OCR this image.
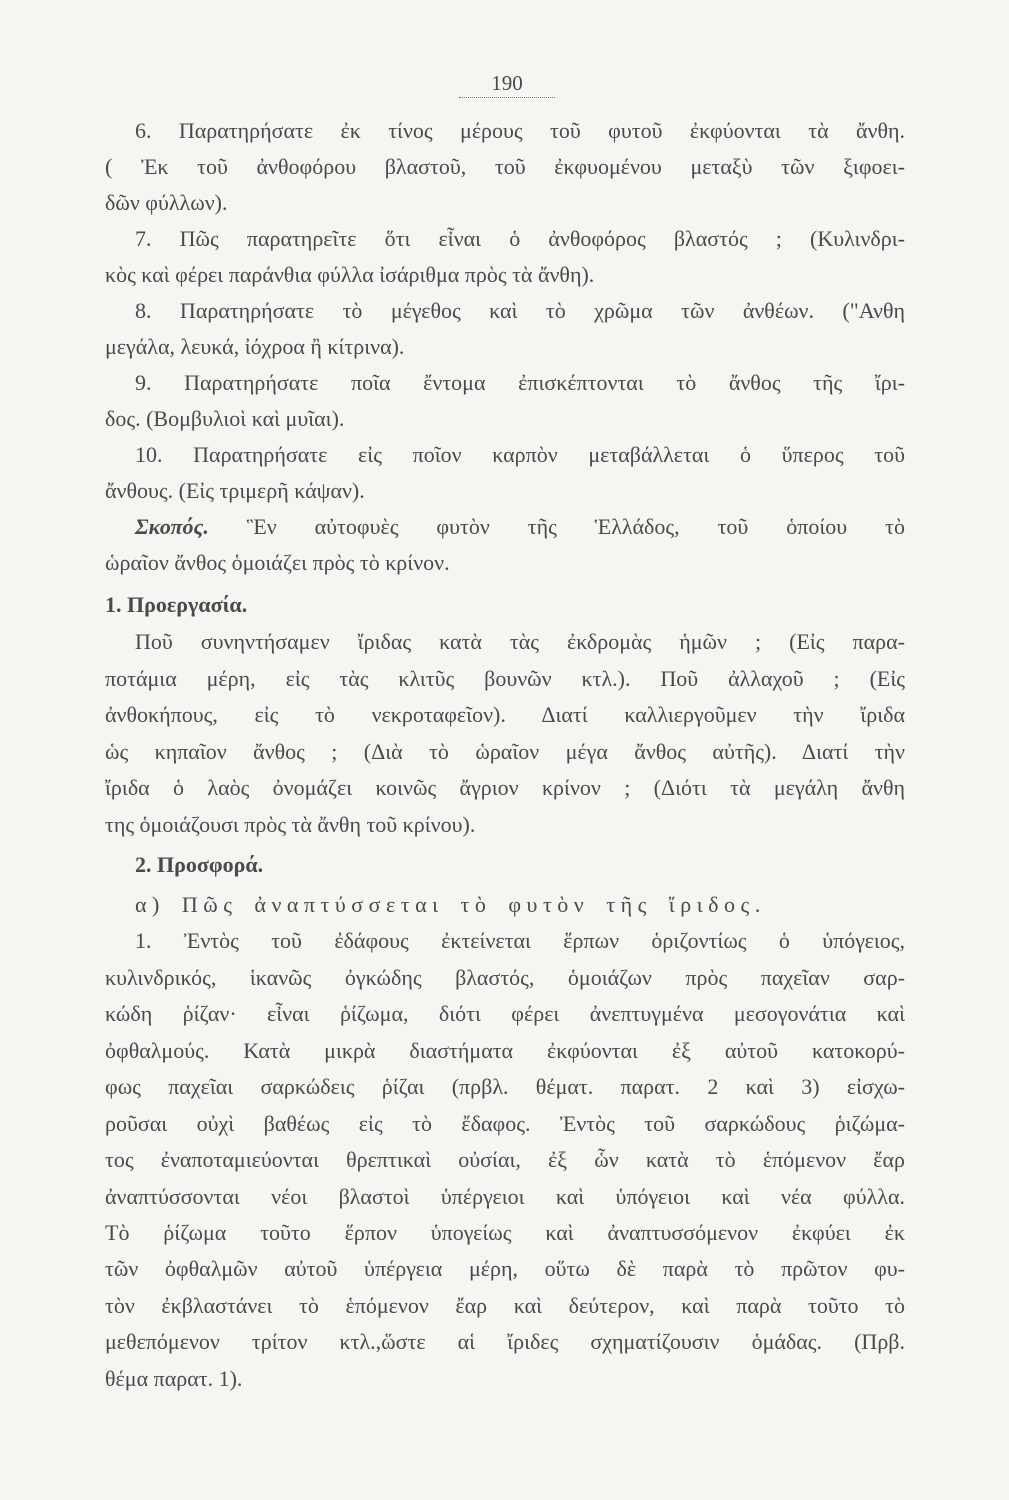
190
6. Παρατηρήσατε ἐκ τίνος μέρους τοῦ φυτοῦ ἐκφύονται τὰ ἄνθη.
( Ἐκ τοῦ ἀνθοφόρου βλαστοῦ, τοῦ ἐκφυομένου μεταξὺ τῶν ξιφοει-
δῶν φύλλων).
7. Πῶς παρατηρεῖτε ὅτι εἶναι ὁ ἀνθοφόρος βλαστός ; (Κυλινδρι-
κὸς καὶ φέρει παράνθια φύλλα ἰσάριθμα πρὸς τὰ ἄνθη).
8. Παρατηρήσατε τὸ μέγεθος καὶ τὸ χρῶμα τῶν ἀνθέων. ("Ανθη
μεγάλα, λευκά, ἰόχροα ἢ κίτρινα).
9. Παρατηρήσατε ποῖα ἔντομα ἐπισκέπτονται τὸ ἄνθος τῆς ἴρι-
δος. (Βομβυλιοὶ καὶ μυῖαι).
10. Παρατηρήσατε εἰς ποῖον καρπὸν μεταβάλλεται ὁ ὕπερος τοῦ
ἄνθους. (Εἰς τριμερῆ κάψαν).
Σκοπός. Ἓν αὐτοφυὲς φυτὸν τῆς Ἑλλάδος, τοῦ ὁποίου τὸ
ὡραῖον ἄνθος ὁμοιάζει πρὸς τὸ κρίνον.
1. Προεργασία.
Ποῦ συνηντήσαμεν ἴριδας κατὰ τὰς ἐκδρομὰς ἡμῶν ; (Εἰς παρα-
ποτάμια μέρη, εἰς τὰς κλιτῦς βουνῶν κτλ.). Ποῦ ἀλλαχοῦ ; (Εἰς
ἀνθοκήπους, εἰς τὸ νεκροταφεῖον). Διατί καλλιεργοῦμεν τὴν ἴριδα
ὡς κηπαῖον ἄνθος ; (Διὰ τὸ ὡραῖον μέγα ἄνθος αὐτῆς). Διατί τὴν
ἴριδα ὁ λαὸς ὀνομάζει κοινῶς ἄγριον κρίνον ; (Διότι τὰ μεγάλη ἄνθη
της ὁμοιάζουσι πρὸς τὰ ἄνθη τοῦ κρίνου).
2. Προσφορά.
α) Πῶς ἀναπτύσσεται τὸ φυτὸν τῆς ἴριδος.
1. Ἐντὸς τοῦ ἐδάφους ἐκτείνεται ἕρπων ὁριζοντίως ὁ ὑπόγειος,
κυλινδρικός, ἱκανῶς ὀγκώδης βλαστός, ὁμοιάζων πρὸς παχεῖαν σαρ-
κώδη ῥίζαν· εἶναι ῥίζωμα, διότι φέρει ἀνεπτυγμένα μεσογονάτια καὶ
ὀφθαλμούς. Κατὰ μικρὰ διαστήματα ἐκφύονται ἐξ αὐτοῦ κατοκορύ-
φως παχεῖαι σαρκώδεις ῥίζαι (πρβλ. θέματ. παρατ. 2 καὶ 3) εἰσχω-
ροῦσαι οὐχὶ βαθέως εἰς τὸ ἔδαφος. Ἐντὸς τοῦ σαρκώδους ῥιζώμα-
τος ἐναποταμιεύονται θρεπτικαὶ οὐσίαι, ἐξ ὧν κατὰ τὸ ἑπόμενον ἔαρ
ἀναπτύσσονται νέοι βλαστοὶ ὑπέργειοι καὶ ὑπόγειοι καὶ νέα φύλλα.
Τὸ ῥίζωμα τοῦτο ἕρπον ὑπογείως καὶ ἀναπτυσσόμενον ἐκφύει ἐκ
τῶν ὀφθαλμῶν αὐτοῦ ὑπέργεια μέρη, οὕτω δὲ παρὰ τὸ πρῶτον φυ-
τὸν ἐκβλαστάνει τὸ ἑπόμενον ἔαρ καὶ δεύτερον, καὶ παρὰ τοῦτο τὸ
μεθεπόμενον τρίτον κτλ.,ὥστε αἱ ἴριδες σχηματίζουσιν ὁμάδας. (Πρβ.
θέμα παρατ. 1).
